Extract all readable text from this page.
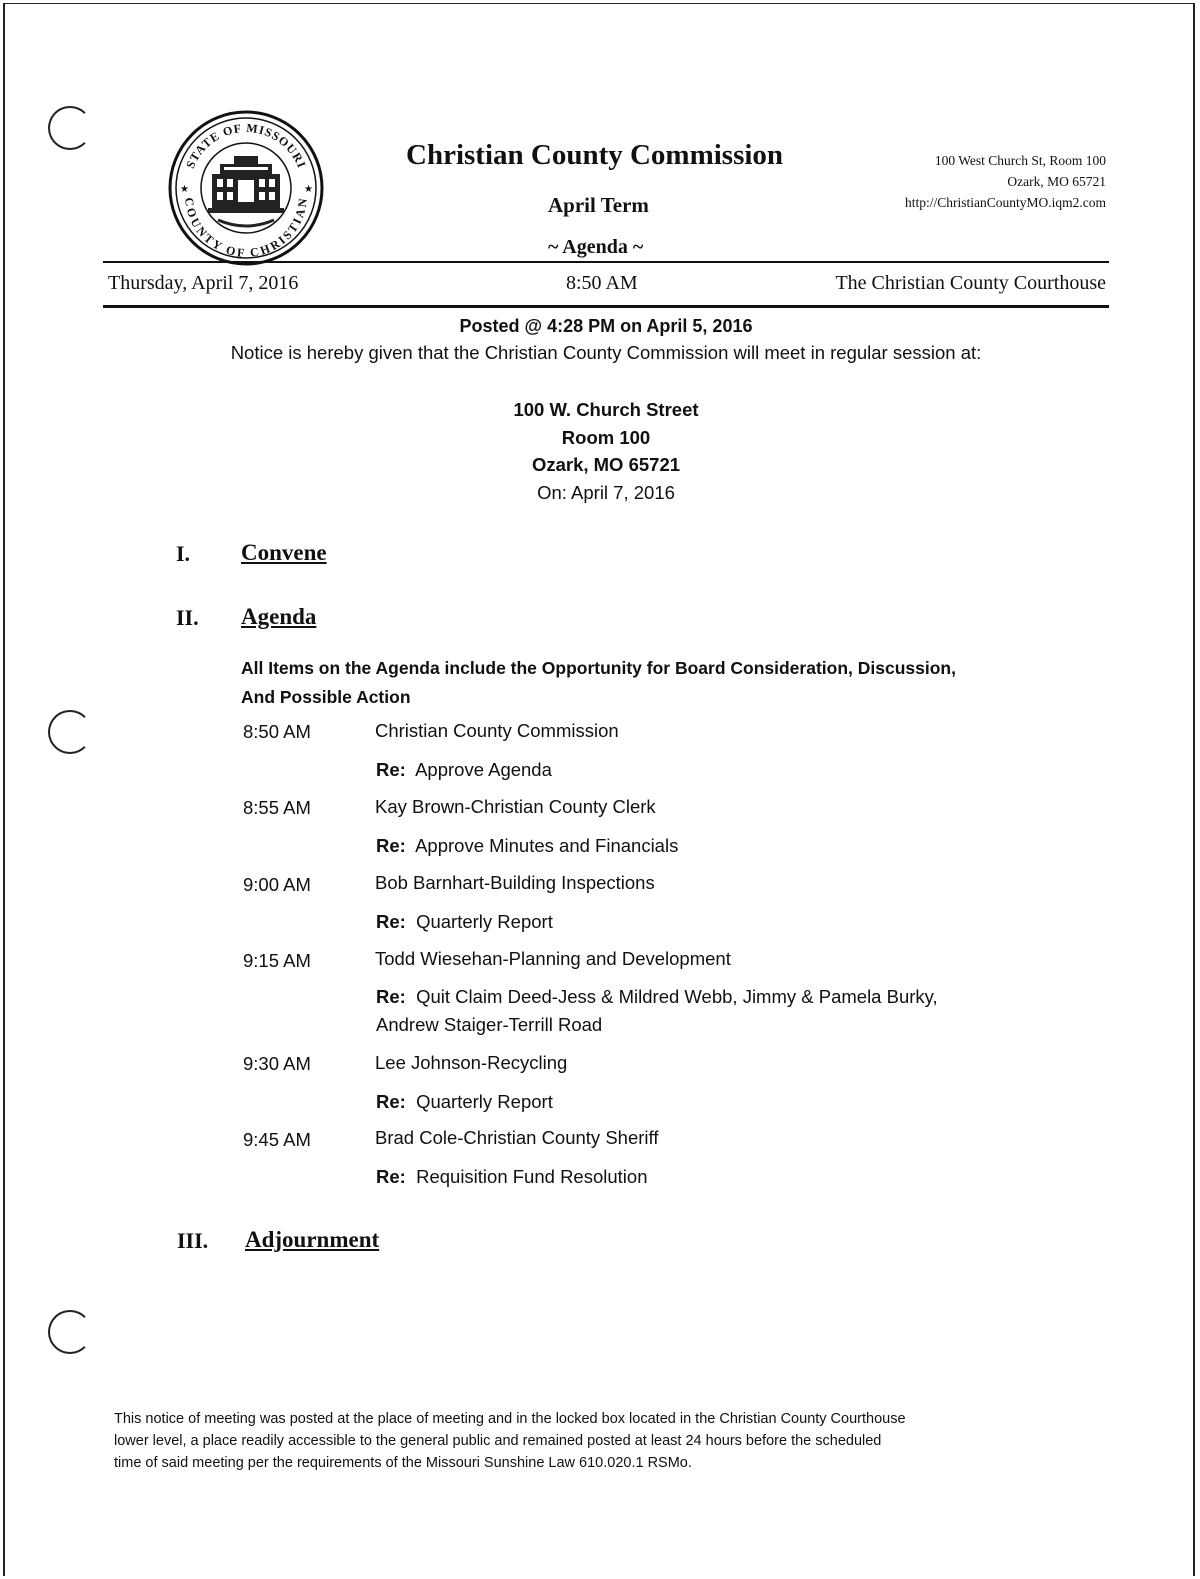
STATE OF MISSOURI
COUNTY OF CHRISTIAN
★	★
Christian County Commission
April Term
~ Agenda ~
100 West Church St, Room 100
Ozark, MO 65721
http://ChristianCountyMO.iqm2.com
Thursday, April 7, 2016	8:50 AM	The Christian County Courthouse
Posted @ 4:28 PM on April 5, 2016
Notice is hereby given that the Christian County Commission will meet in regular session at:
100 W. Church Street
Room 100
Ozark, MO 65721
On: April 7, 2016
I. Convene
II. Agenda
All Items on the Agenda include the Opportunity for Board Consideration, Discussion,
And Possible Action
8:50 AM	Christian County Commission
Re: Approve Agenda
8:55 AM	Kay Brown-Christian County Clerk
Re: Approve Minutes and Financials
9:00 AM	Bob Barnhart-Building Inspections
Re: Quarterly Report
9:15 AM	Todd Wiesehan-Planning and Development
Re: Quit Claim Deed-Jess & Mildred Webb, Jimmy & Pamela Burky,
Andrew Staiger-Terrill Road
9:30 AM	Lee Johnson-Recycling
Re: Quarterly Report
9:45 AM	Brad Cole-Christian County Sheriff
Re: Requisition Fund Resolution
III. Adjournment
This notice of meeting was posted at the place of meeting and in the locked box located in the Christian County Courthouse
lower level, a place readily accessible to the general public and remained posted at least 24 hours before the scheduled
time of said meeting per the requirements of the Missouri Sunshine Law 610.020.1 RSMo.
